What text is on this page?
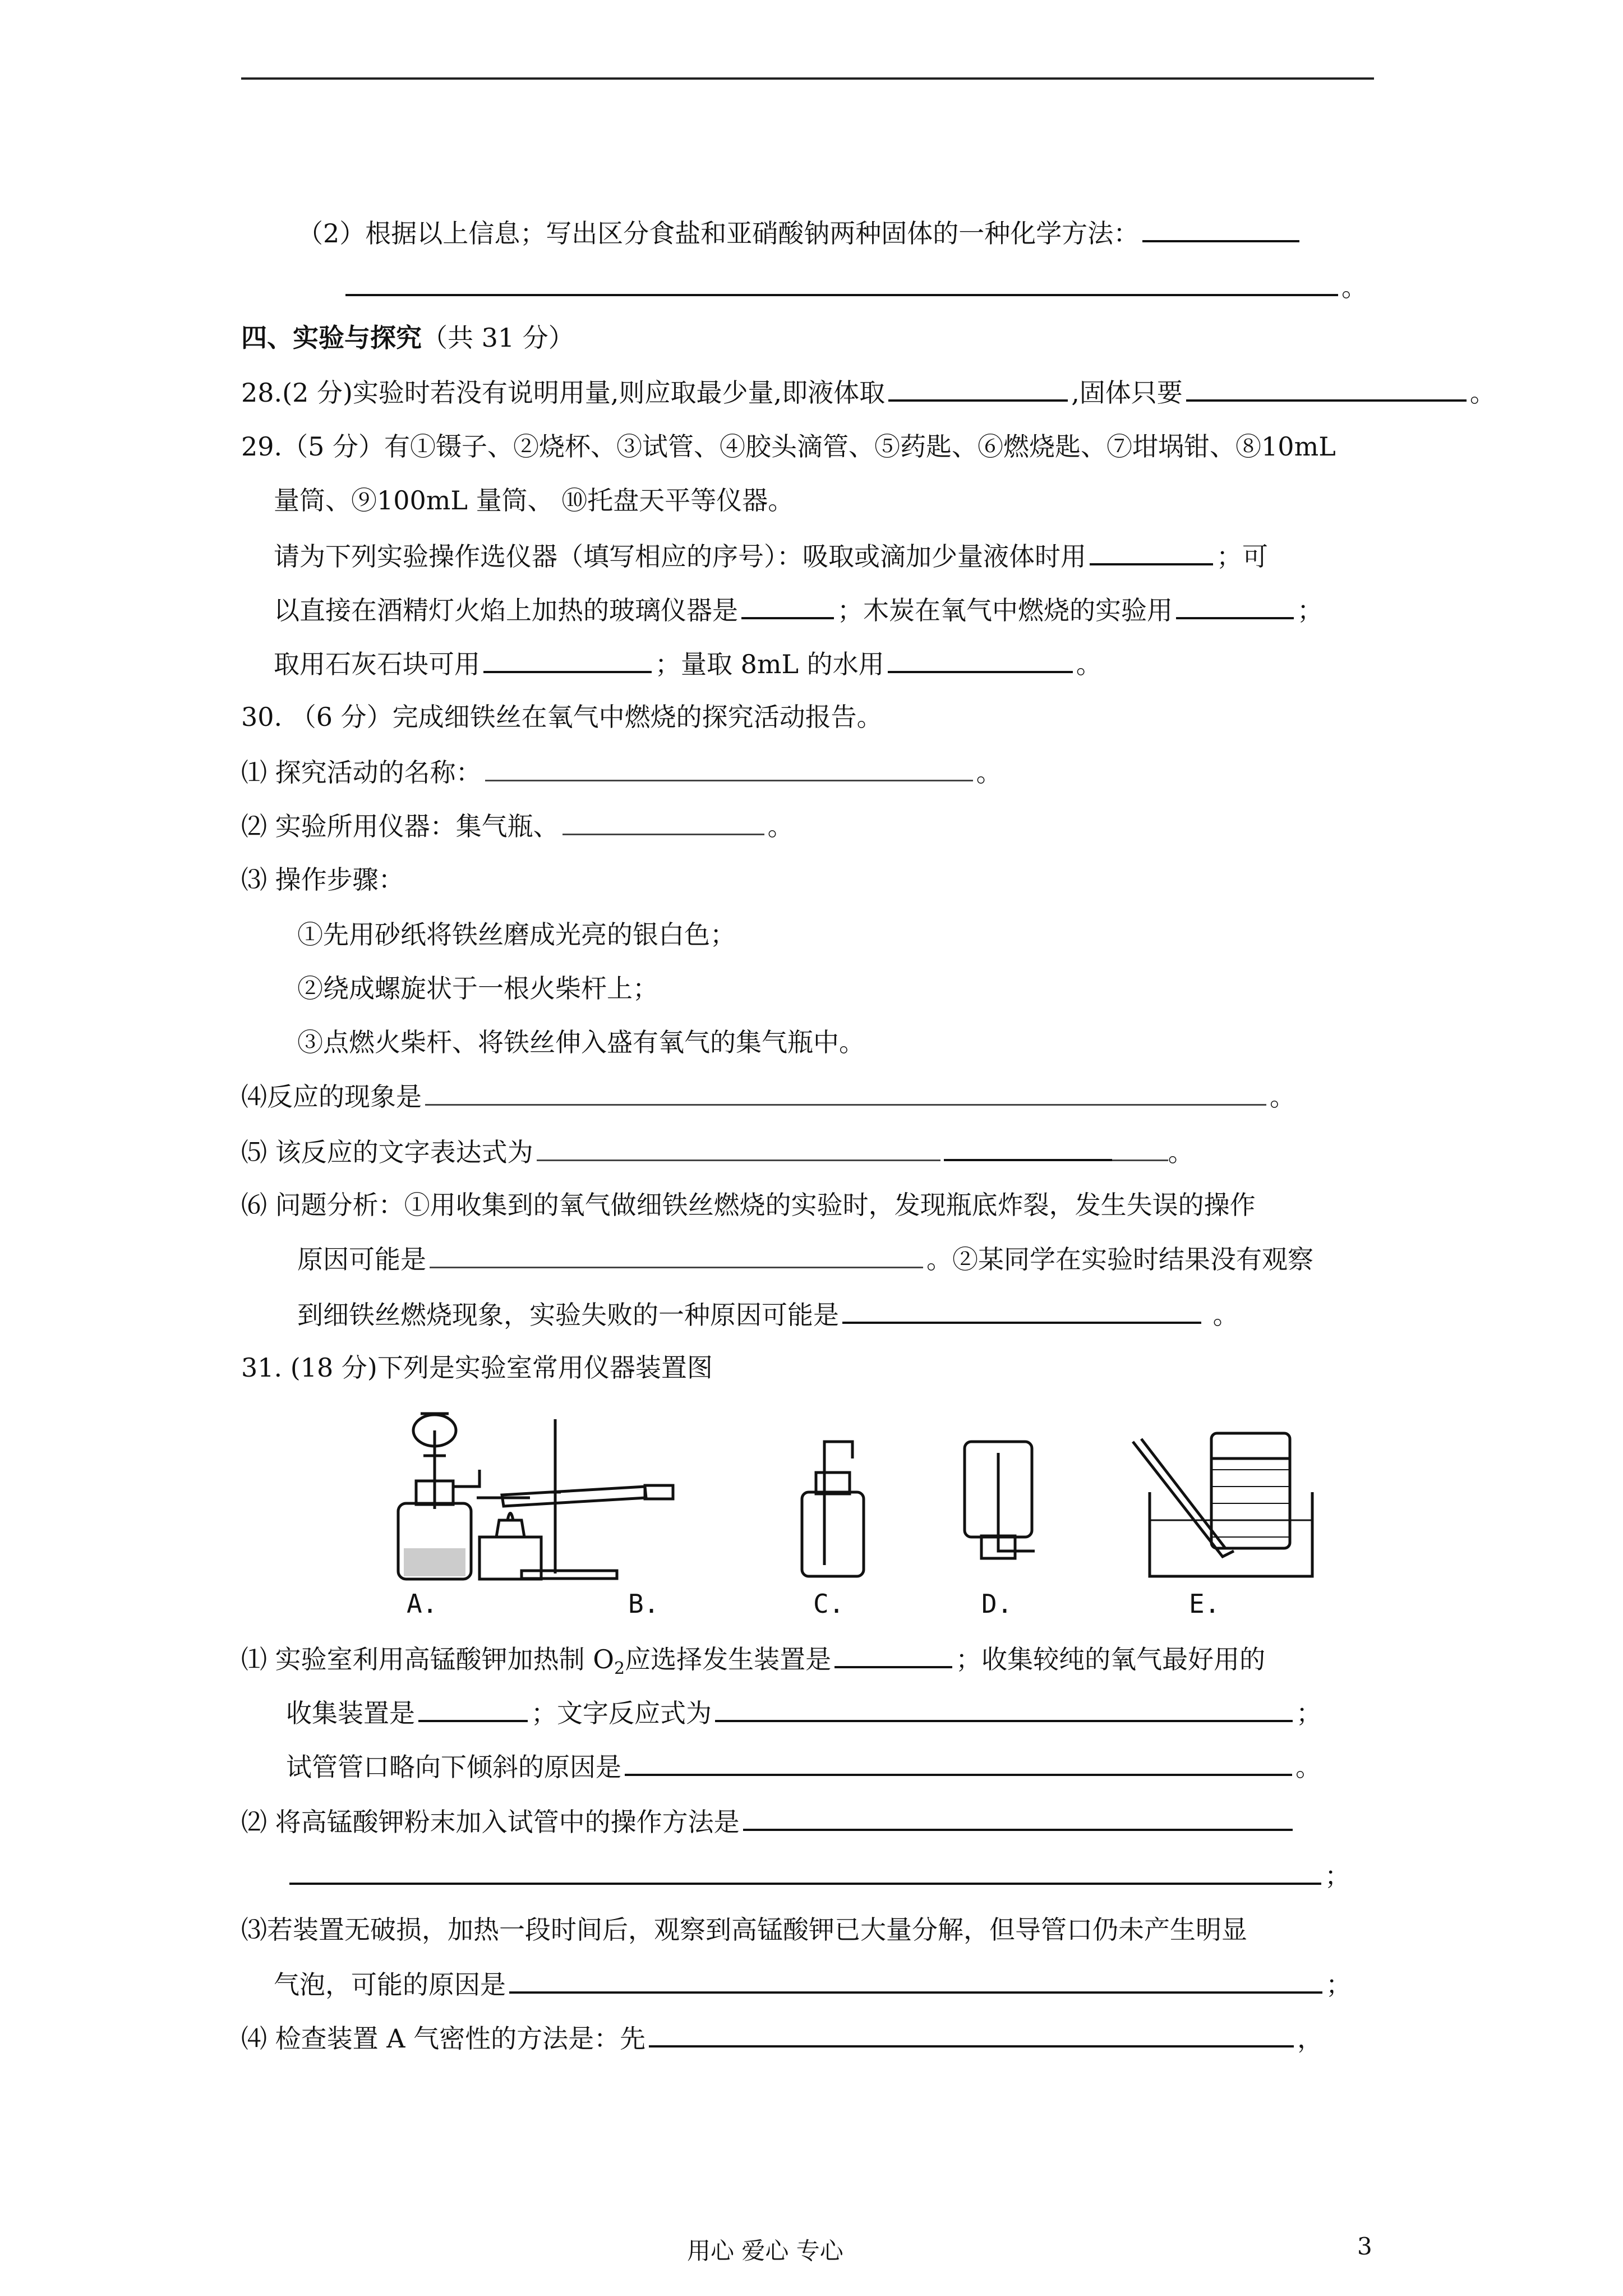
（2）根据以上信息；写出区分食盐和亚硝酸钠两种固体的一种化学方法：
。
四、实验与探究（共 31 分）
28.(2 分)实验时若没有说明用量,则应取最少量,即液体取	,固体只要	。
29.（5 分）有①镊子、②烧杯、③试管、④胶头滴管、⑤药匙、⑥燃烧匙、⑦坩埚钳、⑧10mL
量筒、⑨100mL 量筒、 ⑩托盘天平等仪器。
请为下列实验操作选仪器（填写相应的序号）：吸取或滴加少量液体时用	；可
以直接在酒精灯火焰上加热的玻璃仪器是	；木炭在氧气中燃烧的实验用	；
取用石灰石块可用	；量取 8mL 的水用	。
30. （6 分）完成细铁丝在氧气中燃烧的探究活动报告。
⑴ 探究活动的名称：	。
⑵ 实验所用仪器：集气瓶、	。
⑶ 操作步骤：
①先用砂纸将铁丝磨成光亮的银白色；
②绕成螺旋状于一根火柴杆上；
③点燃火柴杆、将铁丝伸入盛有氧气的集气瓶中。
⑷反应的现象是	。
⑸ 该反应的文字表达式为	。
⑹ 问题分析：①用收集到的氧气做细铁丝燃烧的实验时，发现瓶底炸裂，发生失误的操作
原因可能是	。②某同学在实验时结果没有观察
到细铁丝燃烧现象，实验失败的一种原因可能是	。
31. (18 分)下列是实验室常用仪器装置图
A.	B.	C.	D.	E.
⑴ 实验室利用高锰酸钾加热制 $O_2$应选择发生装置是	；收集较纯的氧气最好用的
收集装置是	；文字反应式为	；
试管管口略向下倾斜的原因是	。
⑵ 将高锰酸钾粉末加入试管中的操作方法是
；
⑶若装置无破损，加热一段时间后，观察到高锰酸钾已大量分解，但导管口仍未产生明显
气泡，可能的原因是	；
⑷ 检查装置 A 气密性的方法是：先	，
用心 爱心 专心	3
